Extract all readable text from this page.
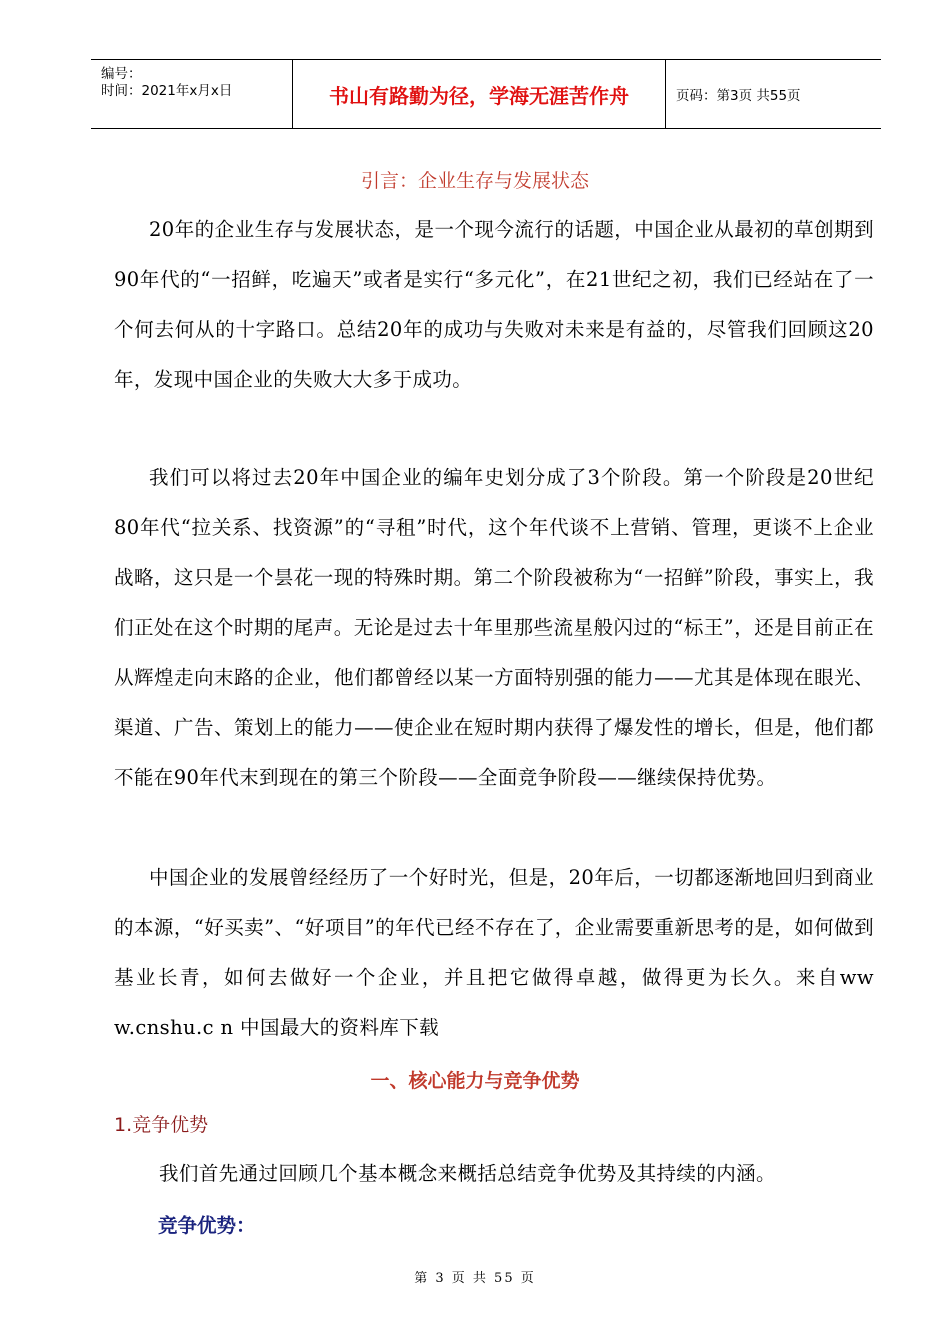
编号：
时间：2021年x月x日	书山有路勤为径，学海无涯苦作舟	页码：第3页 共55页
引言：企业生存与发展状态
20年的企业生存与发展状态，是一个现今流行的话题，中国企业从最初的草创期到90年代的“一招鲜，吃遍天”或者是实行“多元化”，在21世纪之初，我们已经站在了一个何去何从的十字路口。总结20年的成功与失败对未来是有益的，尽管我们回顾这20年，发现中国企业的失败大大多于成功。
我们可以将过去20年中国企业的编年史划分成了3个阶段。第一个阶段是20世纪80年代“拉关系、找资源”的“寻租”时代，这个年代谈不上营销、管理，更谈不上企业战略，这只是一个昙花一现的特殊时期。第二个阶段被称为“一招鲜”阶段，事实上，我们正处在这个时期的尾声。无论是过去十年里那些流星般闪过的“标王”，还是目前正在从辉煌走向末路的企业，他们都曾经以某一方面特别强的能力——尤其是体现在眼光、渠道、广告、策划上的能力——使企业在短时期内获得了爆发性的增长，但是，他们都不能在90年代末到现在的第三个阶段——全面竞争阶段——继续保持优势。
中国企业的发展曾经经历了一个好时光，但是，20年后，一切都逐渐地回归到商业的本源，“好买卖”、“好项目”的年代已经不存在了，企业需要重新思考的是，如何做到基业长青，如何去做好一个企业，并且把它做得卓越，做得更为长久。来自ww w.cnshu.c n 中国最大的资料库下载
一、核心能力与竞争优势
1.竞争优势
我们首先通过回顾几个基本概念来概括总结竞争优势及其持续的内涵。
竞争优势：
第 3 页 共 55 页
